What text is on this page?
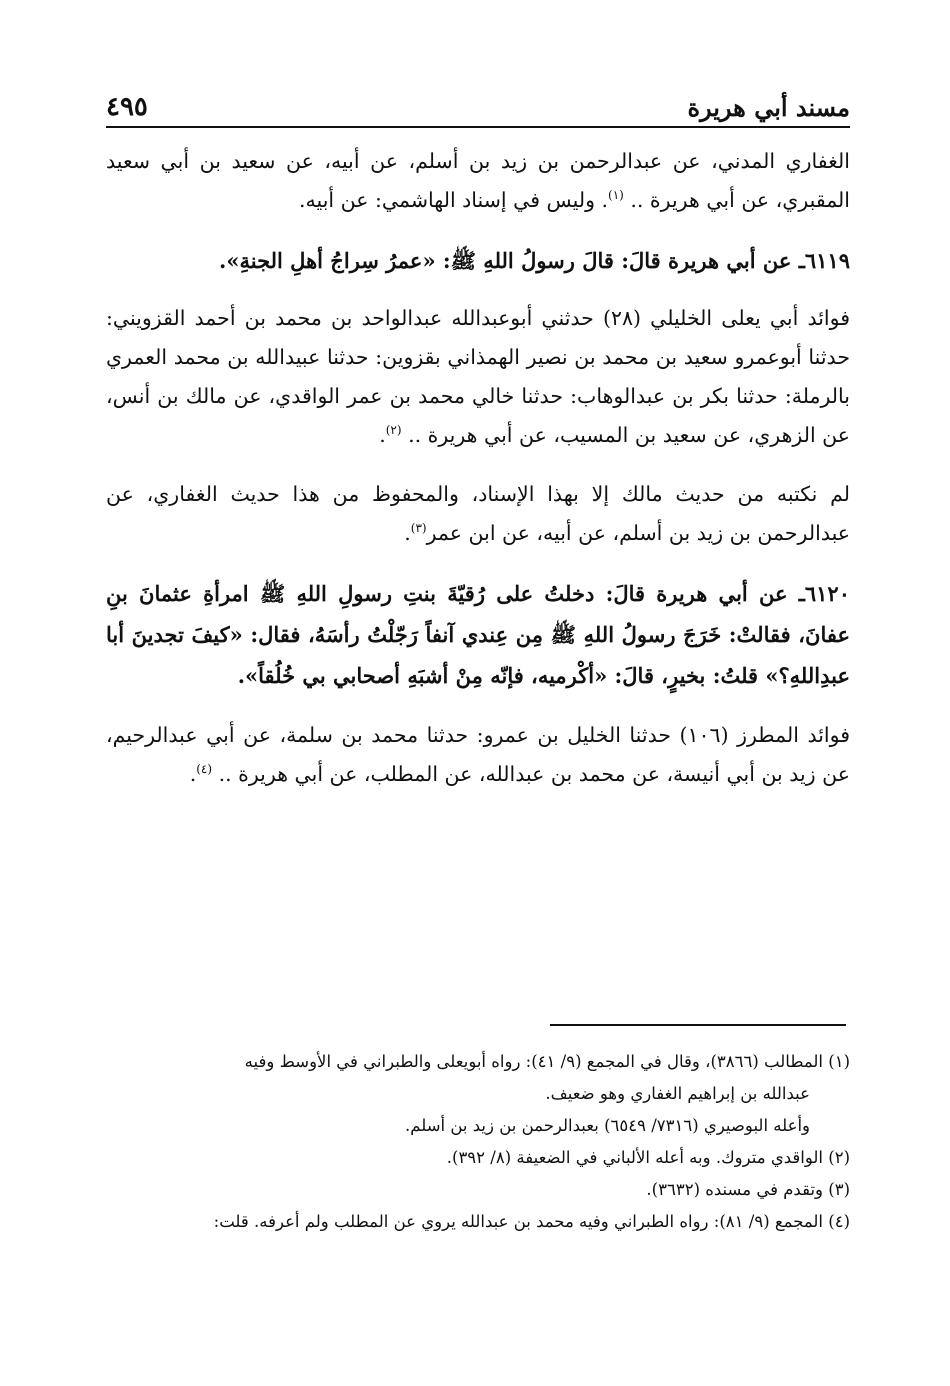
مسند أبي هريرة
٤٩٥

الغفاري المدني، عن عبدالرحمن بن زيد بن أسلم، عن أبيه، عن سعيد بن أبي سعيد المقبري، عن أبي هريرة .. $^{(١)}$. وليس في إسناد الهاشمي: عن أبيه.

٦١١٩ـ عن أبي هريرة قالَ: قالَ رسولُ اللهِ ﷺ: «عمرُ سِراجُ أهلِ الجنةِ».

فوائد أبي يعلى الخليلي (٢٨) حدثني أبوعبدالله عبدالواحد بن محمد بن أحمد القزويني: حدثنا أبوعمرو سعيد بن محمد بن نصير الهمذاني بقزوين: حدثنا عبيدالله بن محمد العمري بالرملة: حدثنا بكر بن عبدالوهاب: حدثنا خالي محمد بن عمر الواقدي، عن مالك بن أنس، عن الزهري، عن سعيد بن المسيب، عن أبي هريرة .. $^{(٢)}$.

لم نكتبه من حديث مالك إلا بهذا الإسناد، والمحفوظ من هذا حديث الغفاري، عن عبدالرحمن بن زيد بن أسلم، عن أبيه، عن ابن عمر$^{(٣)}$.

٦١٢٠ـ عن أبي هريرة قالَ: دخلتُ على رُقيّةَ بنتِ رسولِ اللهِ ﷺ امرأةِ عثمانَ بنِ عفانَ، فقالتْ: خَرَجَ رسولُ اللهِ ﷺ مِن عِندي آنفاً رَجّلْتُ رأسَهُ، فقال: «كيفَ تجدينَ أبا عبدِاللهِ؟» قلتُ: بخيرٍ، قالَ: «أكْرميه، فإنّه مِنْ أشبَهِ أصحابي بي خُلُقاً».

فوائد المطرز (١٠٦) حدثنا الخليل بن عمرو: حدثنا محمد بن سلمة، عن أبي عبدالرحيم، عن زيد بن أبي أنيسة، عن محمد بن عبدالله، عن المطلب، عن أبي هريرة .. $^{(٤)}$.

(١) المطالب (٣٨٦٦)، وقال في المجمع (٩/ ٤١): رواه أبويعلى والطبراني في الأوسط وفيه

عبدالله بن إبراهيم الغفاري وهو ضعيف.

وأعله البوصيري (٧٣١٦/ ٦٥٤٩) بعبدالرحمن بن زيد بن أسلم.

(٢) الواقدي متروك. وبه أعله الألباني في الضعيفة (٨/ ٣٩٢).

(٣) وتقدم في مسنده (٣٦٣٢).

(٤) المجمع (٩/ ٨١): رواه الطبراني وفيه محمد بن عبدالله يروي عن المطلب ولم أعرفه. قلت:
